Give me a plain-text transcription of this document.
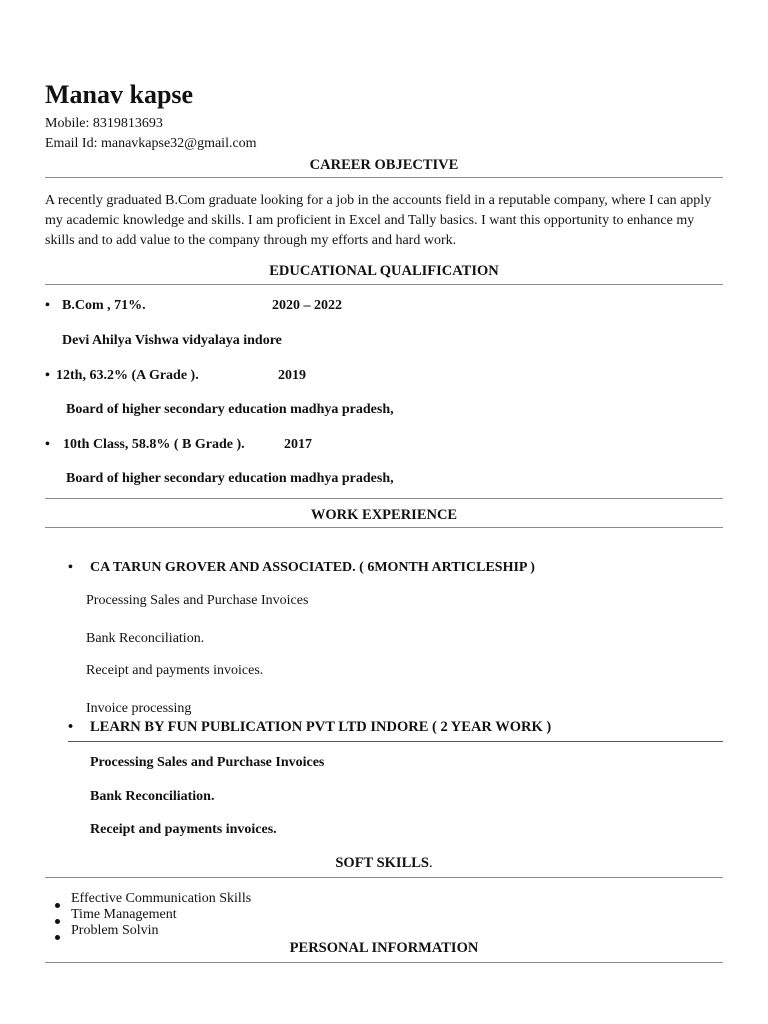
Manav kapse
Mobile: 8319813693
Email Id: manavkapse32@gmail.com
CAREER OBJECTIVE
A recently graduated B.Com graduate looking for a job in the accounts field in a reputable company, where I can apply my academic knowledge and skills. I am proficient in Excel and Tally basics. I want this opportunity to enhance my skills and to add value to the company through my efforts and hard work.
EDUCATIONAL QUALIFICATION
• B.Com , 71%.	2020 – 2022
Devi Ahilya Vishwa vidyalaya indore
• 12th, 63.2% (A Grade ).	2019
Board of higher secondary education madhya pradesh,
• 10th Class, 58.8% ( B Grade ).	2017
Board of higher secondary education madhya pradesh,
WORK EXPERIENCE
• CA TARUN GROVER AND ASSOCIATED. ( 6MONTH ARTICLESHIP )
Processing Sales and Purchase Invoices
Bank Reconciliation.
Receipt and payments invoices.
Invoice processing
• LEARN BY FUN PUBLICATION PVT LTD INDORE ( 2 YEAR WORK )
Processing Sales and Purchase Invoices
Bank Reconciliation.
Receipt and payments invoices.
SOFT SKILLS.
Effective Communication Skills
Time Management
Problem Solvin
PERSONAL INFORMATION
